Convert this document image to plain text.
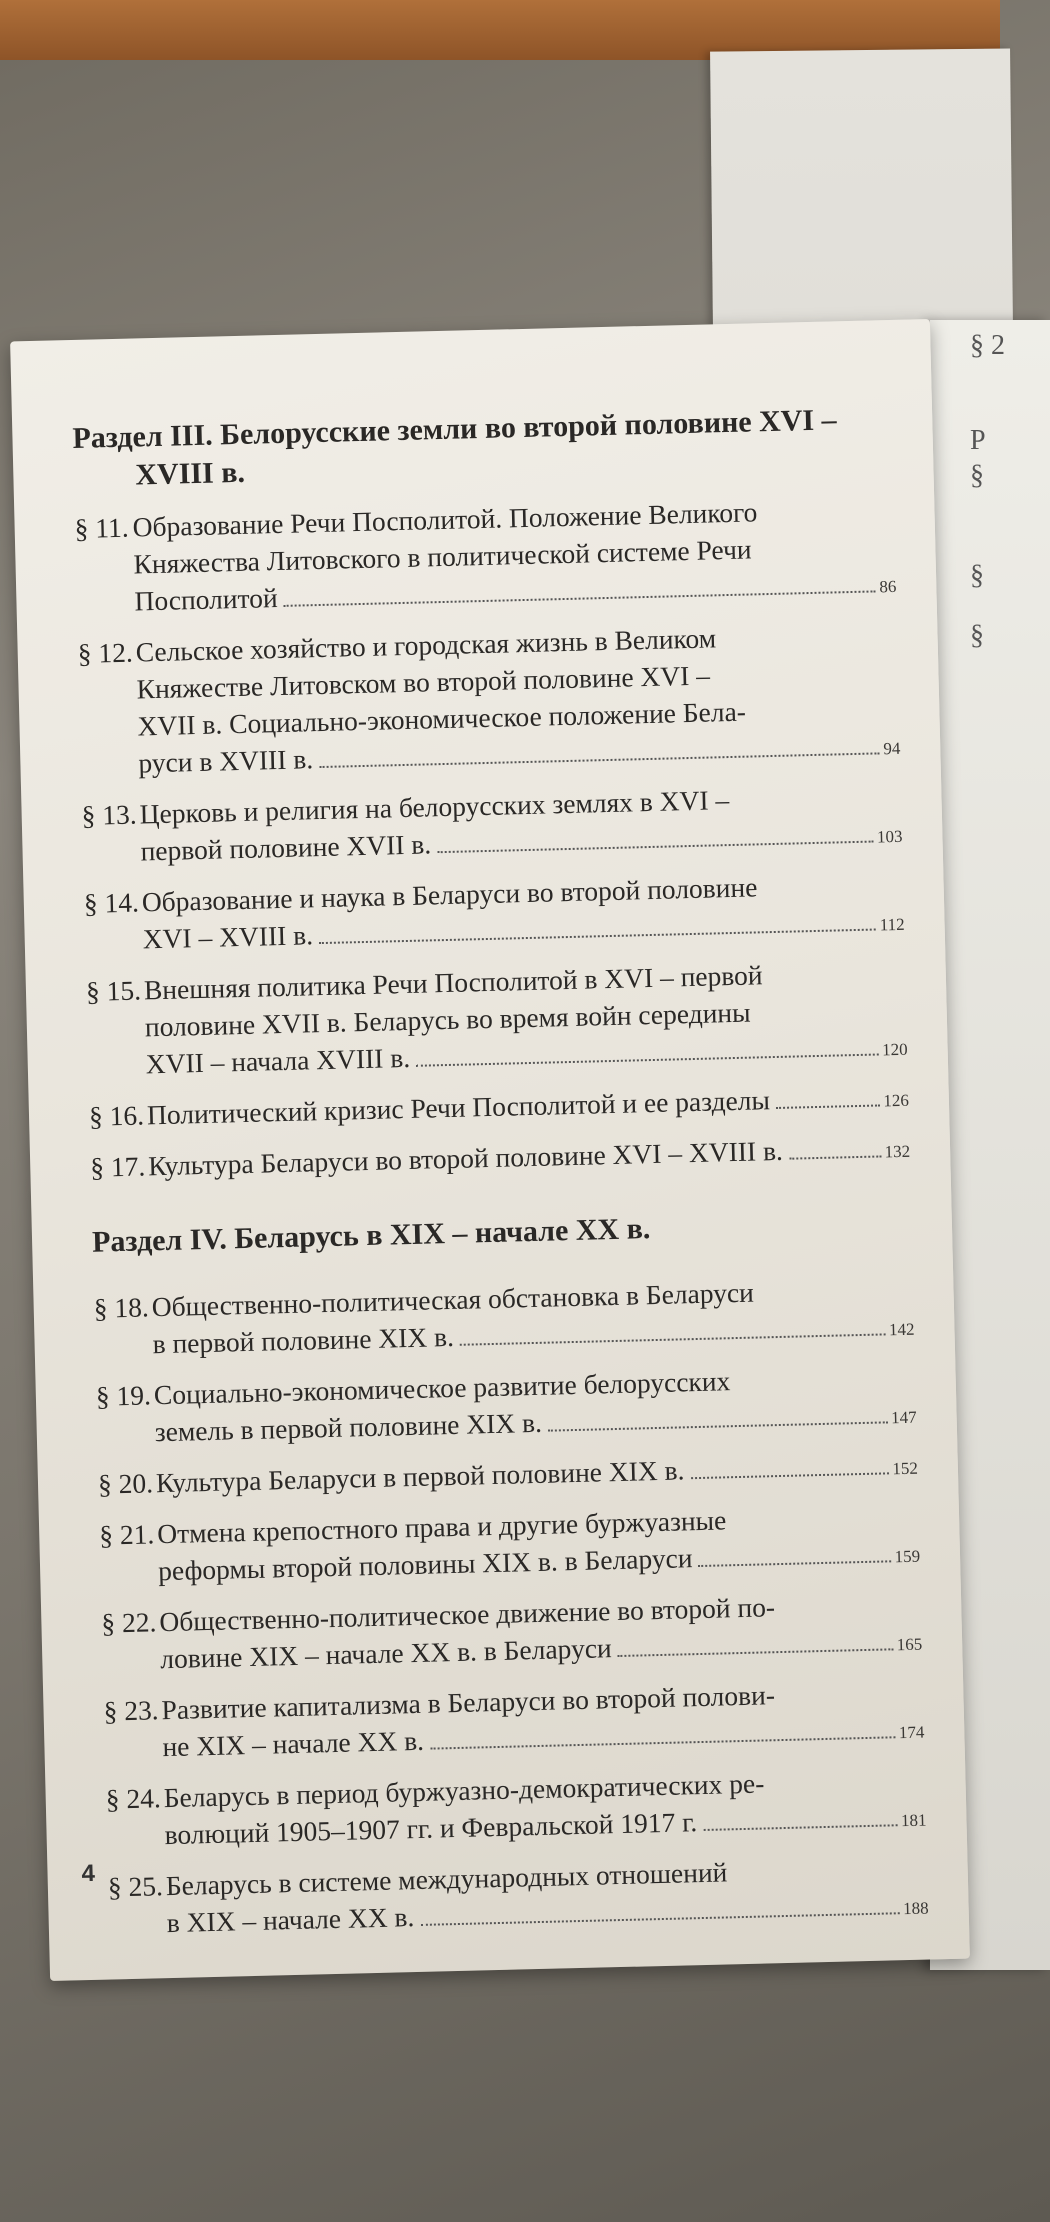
§ 2
Р
§
§
§
Раздел III. Белорусские земли во второй половине XVI –
XVIII в.
§ 11. Образование Речи Посполитой. Положение Великого
Княжества Литовского в политической системе Речи
Посполитой	86
§ 12. Сельское хозяйство и городская жизнь в Великом
Княжестве Литовском во второй половине XVI –
XVII в. Социально-экономическое положение Бела-
руси в XVIII в.	94
§ 13. Церковь и религия на белорусских землях в XVI –
первой половине XVII в.	103
§ 14. Образование и наука в Беларуси во второй половине
XVI – XVIII в.	112
§ 15. Внешняя политика Речи Посполитой в XVI – первой
половине XVII в. Беларусь во время войн середины
XVII – начала XVIII в.	120
§ 16. Политический кризис Речи Посполитой и ее разделы	126
§ 17. Культура Беларуси во второй половине XVI – XVIII в.	132
Раздел IV. Беларусь в XIX – начале XX в.
§ 18. Общественно-политическая обстановка в Беларуси
в первой половине XIX в.	142
§ 19. Социально-экономическое развитие белорусских
земель в первой половине XIX в.	147
§ 20. Культура Беларуси в первой половине XIX в.	152
§ 21. Отмена крепостного права и другие буржуазные
реформы второй половины XIX в. в Беларуси	159
§ 22. Общественно-политическое движение во второй по-
ловине XIX – начале XX в. в Беларуси	165
§ 23. Развитие капитализма в Беларуси во второй полови-
не XIX – начале XX в.	174
§ 24. Беларусь в период буржуазно-демократических ре-
волюций 1905–1907 гг. и Февральской 1917 г.	181
§ 25. Беларусь в системе международных отношений
в XIX – начале XX в.	188
4
